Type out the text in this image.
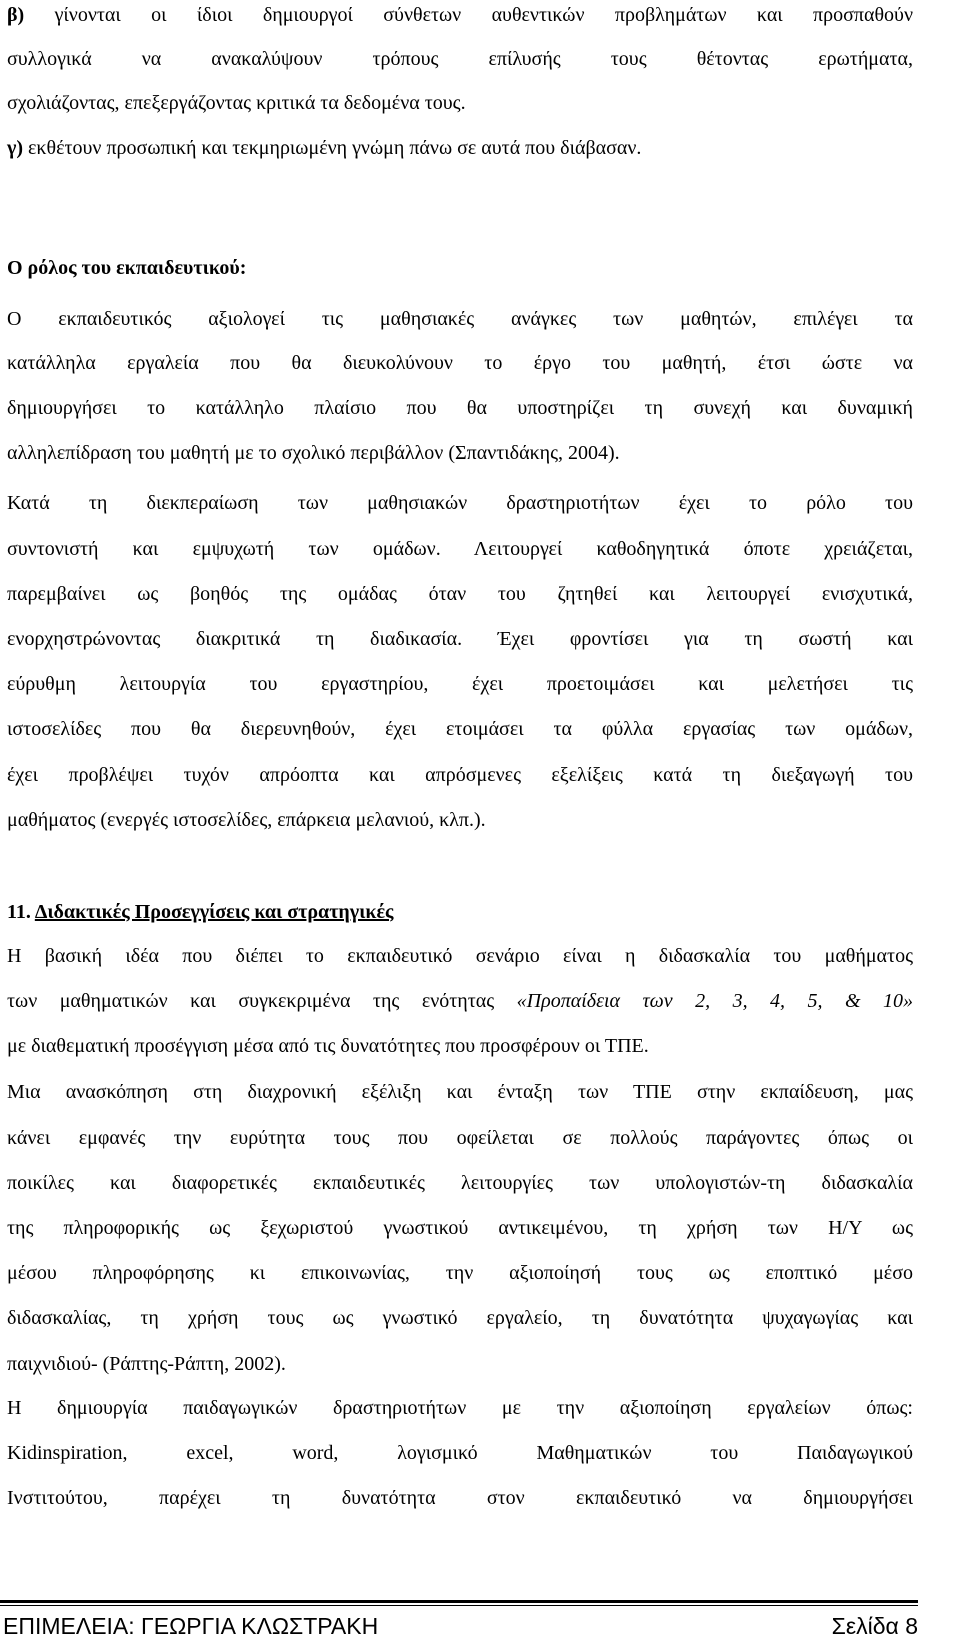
β) γίνονται οι ίδιοι δημιουργοί σύνθετων αυθεντικών προβλημάτων και προσπαθούν
συλλογικά να ανακαλύψουν τρόπους επίλυσής τους θέτοντας ερωτήματα,
σχολιάζοντας, επεξεργάζοντας κριτικά τα δεδομένα τους.
γ) εκθέτουν προσωπική και τεκμηριωμένη γνώμη πάνω σε αυτά που διάβασαν.
Ο ρόλος του εκπαιδευτικού:
Ο εκπαιδευτικός αξιολογεί τις μαθησιακές ανάγκες των μαθητών, επιλέγει τα
κατάλληλα εργαλεία που θα διευκολύνουν το έργο του μαθητή, έτσι ώστε να
δημιουργήσει το κατάλληλο πλαίσιο που θα υποστηρίζει τη συνεχή και δυναμική
αλληλεπίδραση του μαθητή με το σχολικό περιβάλλον (Σπαντιδάκης, 2004).
Κατά τη διεκπεραίωση των μαθησιακών δραστηριοτήτων έχει το ρόλο του
συντονιστή και εμψυχωτή των ομάδων. Λειτουργεί καθοδηγητικά όποτε χρειάζεται,
παρεμβαίνει ως βοηθός της ομάδας όταν του ζητηθεί και λειτουργεί ενισχυτικά,
ενορχηστρώνοντας διακριτικά τη διαδικασία. Έχει φροντίσει για τη σωστή και
εύρυθμη λειτουργία του εργαστηρίου, έχει προετοιμάσει και μελετήσει τις
ιστοσελίδες που θα διερευνηθούν, έχει ετοιμάσει τα φύλλα εργασίας των ομάδων,
έχει προβλέψει τυχόν απρόοπτα και απρόσμενες εξελίξεις κατά τη διεξαγωγή του
μαθήματος (ενεργές ιστοσελίδες, επάρκεια μελανιού, κλπ.).
11. Διδακτικές Προσεγγίσεις και στρατηγικές
Η βασική ιδέα που διέπει το εκπαιδευτικό σενάριο είναι η διδασκαλία του μαθήματος
των μαθηματικών και συγκεκριμένα της ενότητας «Προπαίδεια των 2, 3, 4, 5, & 10»
με διαθεματική προσέγγιση μέσα από τις δυνατότητες που προσφέρουν οι ΤΠΕ.
Μια ανασκόπηση στη διαχρονική εξέλιξη και ένταξη των ΤΠΕ στην εκπαίδευση, μας
κάνει εμφανές την ευρύτητα τους που οφείλεται σε πολλούς παράγοντες όπως οι
ποικίλες και διαφορετικές εκπαιδευτικές λειτουργίες των υπολογιστών-τη διδασκαλία
της πληροφορικής ως ξεχωριστού γνωστικού αντικειμένου, τη χρήση των Η/Υ ως
μέσου πληροφόρησης κι επικοινωνίας, την αξιοποίησή τους ως εποπτικό μέσο
διδασκαλίας, τη χρήση τους ως γνωστικό εργαλείο, τη δυνατότητα ψυχαγωγίας και
παιχνιδιού- (Ράπτης-Ράπτη, 2002).
Η δημιουργία παιδαγωγικών δραστηριοτήτων με την αξιοποίηση εργαλείων όπως:
Kidinspiration, excel, word, λογισμικό Μαθηματικών του Παιδαγωγικού
Ινστιτούτου, παρέχει τη δυνατότητα στον εκπαιδευτικό να δημιουργήσει
ΕΠΙΜΕΛΕΙΑ: ΓΕΩΡΓΙΑ ΚΛΩΣΤΡΑΚΗ	Σελίδα 8
